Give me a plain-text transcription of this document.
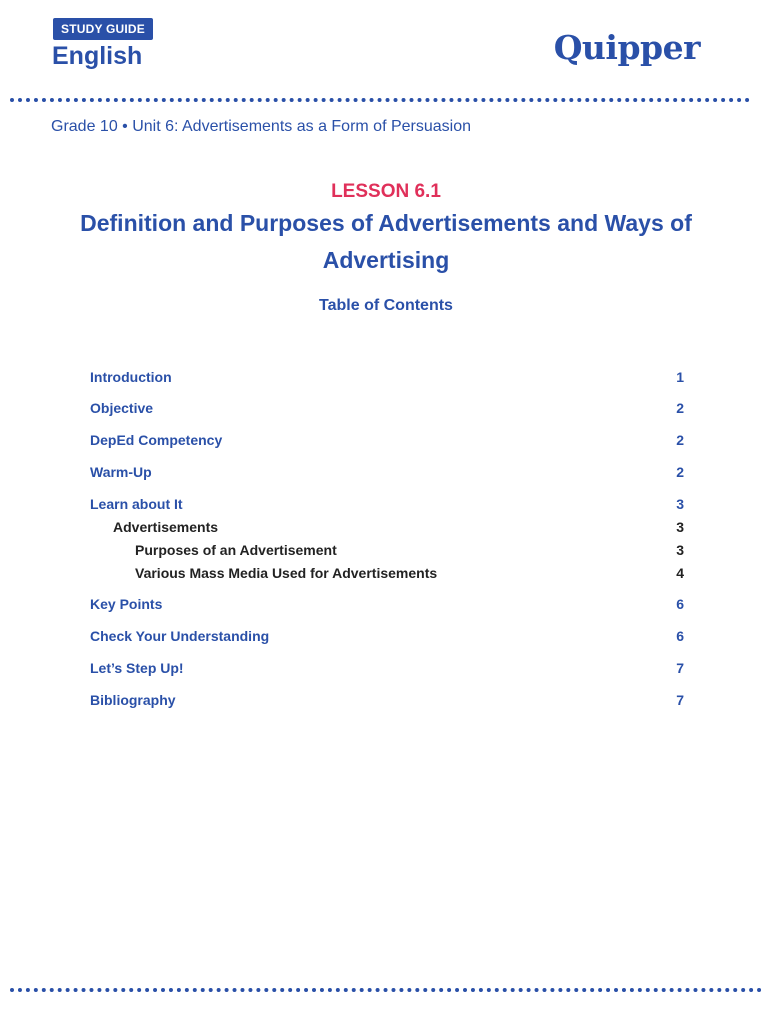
STUDY GUIDE
English	Quipper
Grade 10 • Unit 6: Advertisements as a Form of Persuasion
LESSON 6.1
Definition and Purposes of Advertisements and Ways of Advertising
Table of Contents
Introduction	1
Objective	2
DepEd Competency	2
Warm-Up	2
Learn about It	3
Advertisements	3
Purposes of an Advertisement	3
Various Mass Media Used for Advertisements	4
Key Points	6
Check Your Understanding	6
Let’s Step Up!	7
Bibliography	7
